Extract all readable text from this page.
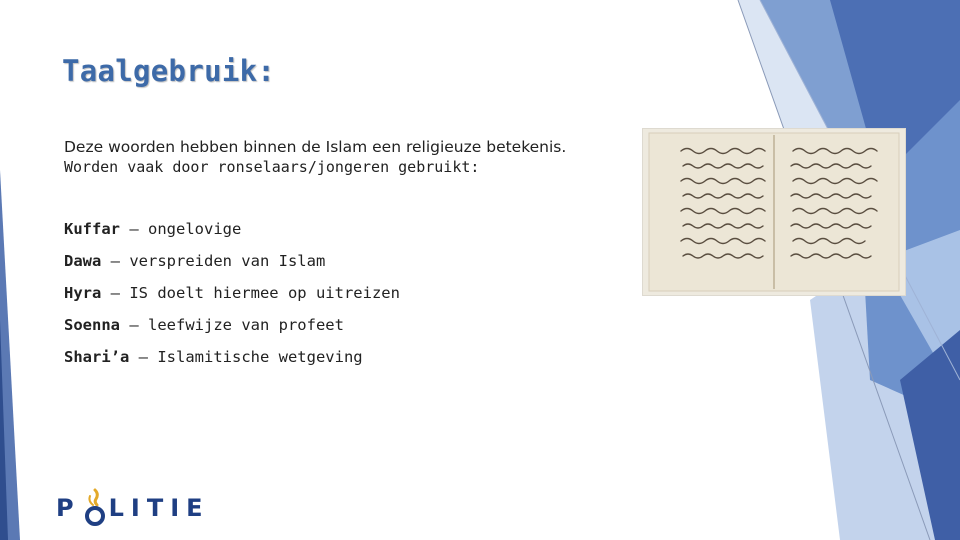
Taalgebruik:
Deze woorden hebben binnen de Islam een religieuze betekenis.
Worden vaak door ronselaars/jongeren gebruikt:
Kuffar – ongelovige
Dawa – verspreiden van Islam
Hyra – IS doelt hiermee op uitreizen
Soenna – leefwijze van profeet
Shari’a – Islamitische wetgeving
P LITIE
